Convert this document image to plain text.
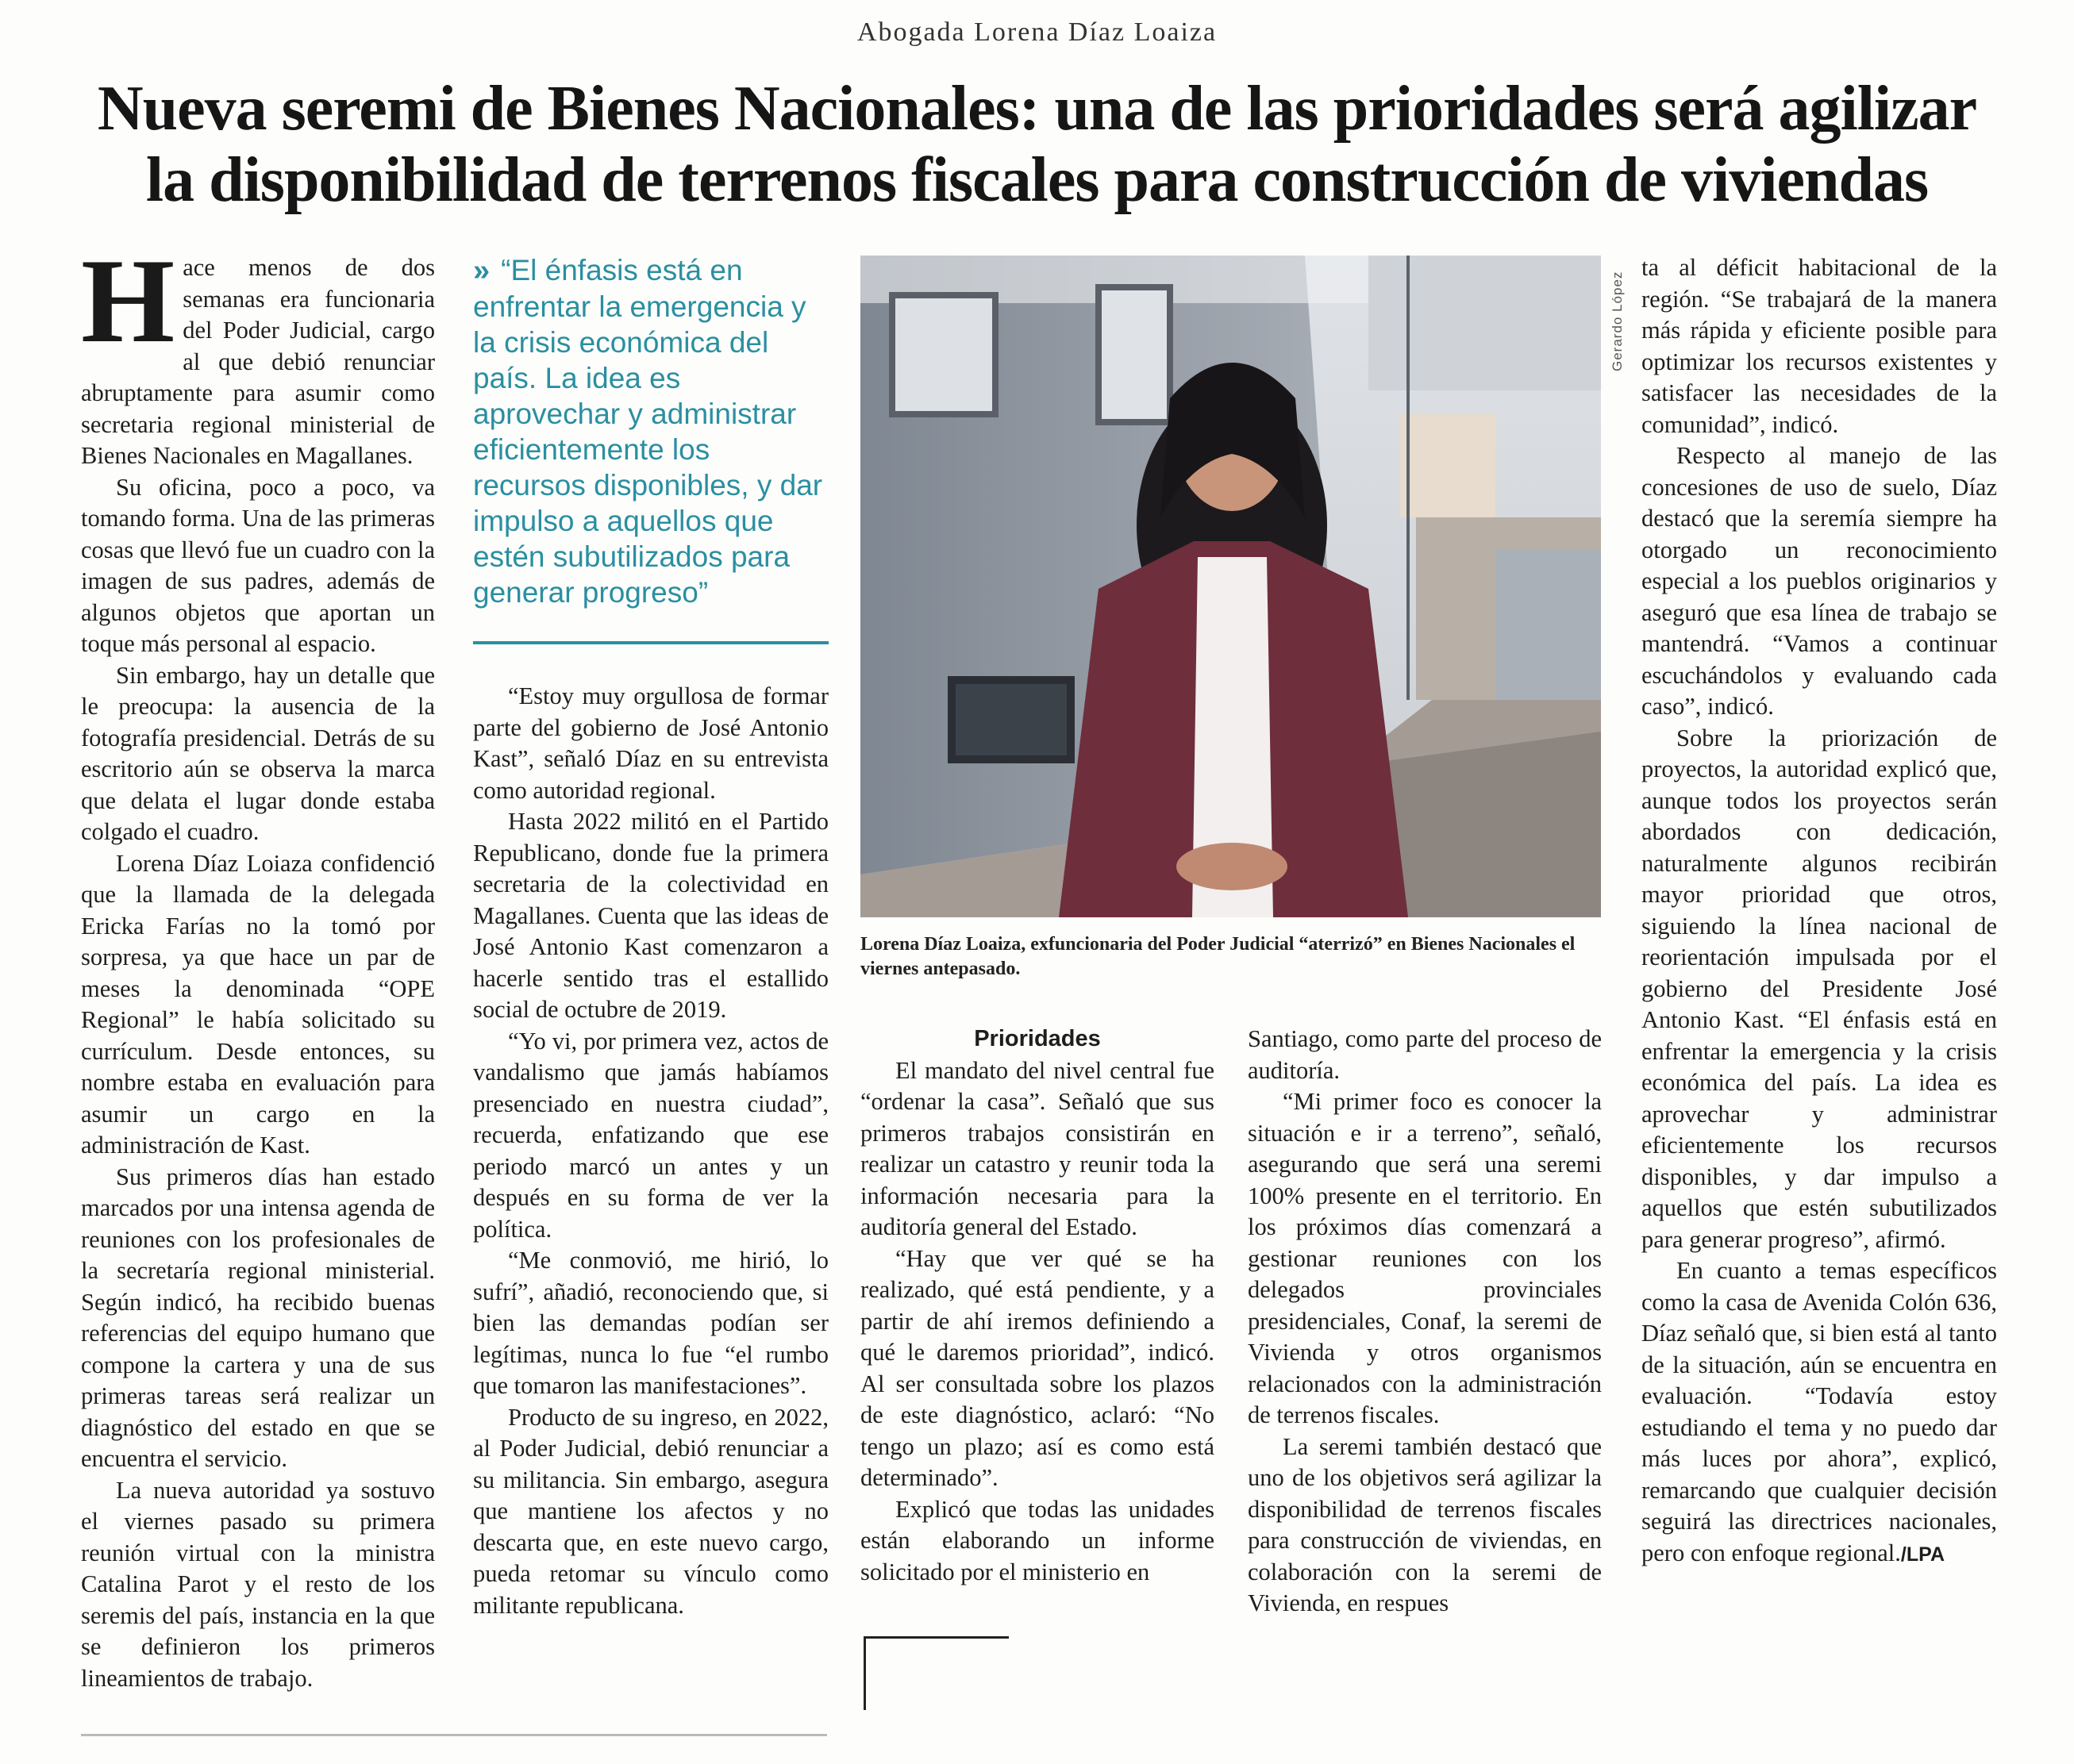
Abogada Lorena Díaz Loaiza
Nueva seremi de Bienes Nacionales: una de las prioridades será agilizar
la disponibilidad de terrenos fiscales para construcción de viviendas

Hace menos de dos semanas era funcionaria del Poder Judicial, cargo al que debió renunciar abruptamente para asumir como secretaria regional ministerial de Bienes Nacionales en Magallanes.

Su oficina, poco a poco, va tomando forma. Una de las primeras cosas que llevó fue un cuadro con la imagen de sus padres, además de algunos objetos que aportan un toque más personal al espacio.

Sin embargo, hay un detalle que le preocupa: la ausencia de la fotografía presidencial. Detrás de su escritorio aún se observa la marca que delata el lugar donde estaba colgado el cuadro.

Lorena Díaz Loiaza confidenció que la llamada de la delegada Ericka Farías no la tomó por sorpresa, ya que hace un par de meses la denominada “OPE Regional” le había solicitado su currículum. Desde entonces, su nombre estaba en evaluación para asumir un cargo en la administración de Kast.

Sus primeros días han estado marcados por una intensa agenda de reuniones con los profesionales de la secretaría regional ministerial. Según indicó, ha recibido buenas referencias del equipo humano que compone la cartera y una de sus primeras tareas será realizar un diagnóstico del estado en que se encuentra el servicio.

La nueva autoridad ya sostuvo el viernes pasado su primera reunión virtual con la ministra Catalina Parot y el resto de los seremis del país, instancia en la que se definieron los primeros lineamientos de trabajo.

» “El énfasis está en enfrentar la emergencia y la crisis económica del país. La idea es aprovechar y administrar eficientemente los recursos disponibles, y dar impulso a aquellos que estén subutilizados para generar progreso”

“Estoy muy orgullosa de formar parte del gobierno de José Antonio Kast”, señaló Díaz en su entrevista como autoridad regional.

Hasta 2022 militó en el Partido Republicano, donde fue la primera secretaria de la colectividad en Magallanes. Cuenta que las ideas de José Antonio Kast comenzaron a hacerle sentido tras el estallido social de octubre de 2019.

“Yo vi, por primera vez, actos de vandalismo que jamás habíamos presenciado en nuestra ciudad”, recuerda, enfatizando que ese periodo marcó un antes y un después en su forma de ver la política.

“Me conmovió, me hirió, lo sufrí”, añadió, reconociendo que, si bien las demandas podían ser legítimas, nunca lo fue “el rumbo que tomaron las manifestaciones”.

Producto de su ingreso, en 2022, al Poder Judicial, debió renunciar a su militancia. Sin embargo, asegura que mantiene los afectos y no descarta que, en este nuevo cargo, pueda retomar su vínculo como militante republicana.

Gerardo López
Lorena Díaz Loaiza, exfuncionaria del Poder Judicial “aterrizó” en Bienes Nacionales el viernes antepasado.

Prioridades

El mandato del nivel central fue “ordenar la casa”. Señaló que sus primeros trabajos consistirán en realizar un catastro y reunir toda la información necesaria para la auditoría general del Estado.

“Hay que ver qué se ha realizado, qué está pendiente, y a partir de ahí iremos definiendo a qué le daremos prioridad”, indicó. Al ser consultada sobre los plazos de este diagnóstico, aclaró: “No tengo un plazo; así es como está determinado”.

Explicó que todas las unidades están elaborando un informe solicitado por el ministerio en

Santiago, como parte del proceso de auditoría.

“Mi primer foco es conocer la situación e ir a terreno”, señaló, asegurando que será una seremi 100% presente en el territorio. En los próximos días comenzará a gestionar reuniones con los delegados provinciales presidenciales, Conaf, la seremi de Vivienda y otros organismos relacionados con la administración de terrenos fiscales.

La seremi también destacó que uno de los objetivos será agilizar la disponibilidad de terrenos fiscales para construcción de viviendas, en colaboración con la seremi de Vivienda, en respues

ta al déficit habitacional de la región. “Se trabajará de la manera más rápida y eficiente posible para optimizar los recursos existentes y satisfacer las necesidades de la comunidad”, indicó.

Respecto al manejo de las concesiones de uso de suelo, Díaz destacó que la seremía siempre ha otorgado un reconocimiento especial a los pueblos originarios y aseguró que esa línea de trabajo se mantendrá. “Vamos a continuar escuchándolos y evaluando cada caso”, indicó.

Sobre la priorización de proyectos, la autoridad explicó que, aunque todos los proyectos serán abordados con dedicación, naturalmente algunos recibirán mayor prioridad que otros, siguiendo la línea nacional de reorientación impulsada por el gobierno del Presidente José Antonio Kast. “El énfasis está en enfrentar la emergencia y la crisis económica del país. La idea es aprovechar y administrar eficientemente los recursos disponibles, y dar impulso a aquellos que estén subutilizados para generar progreso”, afirmó.

En cuanto a temas específicos como la casa de Avenida Colón 636, Díaz señaló que, si bien está al tanto de la situación, aún se encuentra en evaluación. “Todavía estoy estudiando el tema y no puedo dar más luces por ahora”, explicó, remarcando que cualquier decisión seguirá las directrices nacionales, pero con enfoque regional./LPA
